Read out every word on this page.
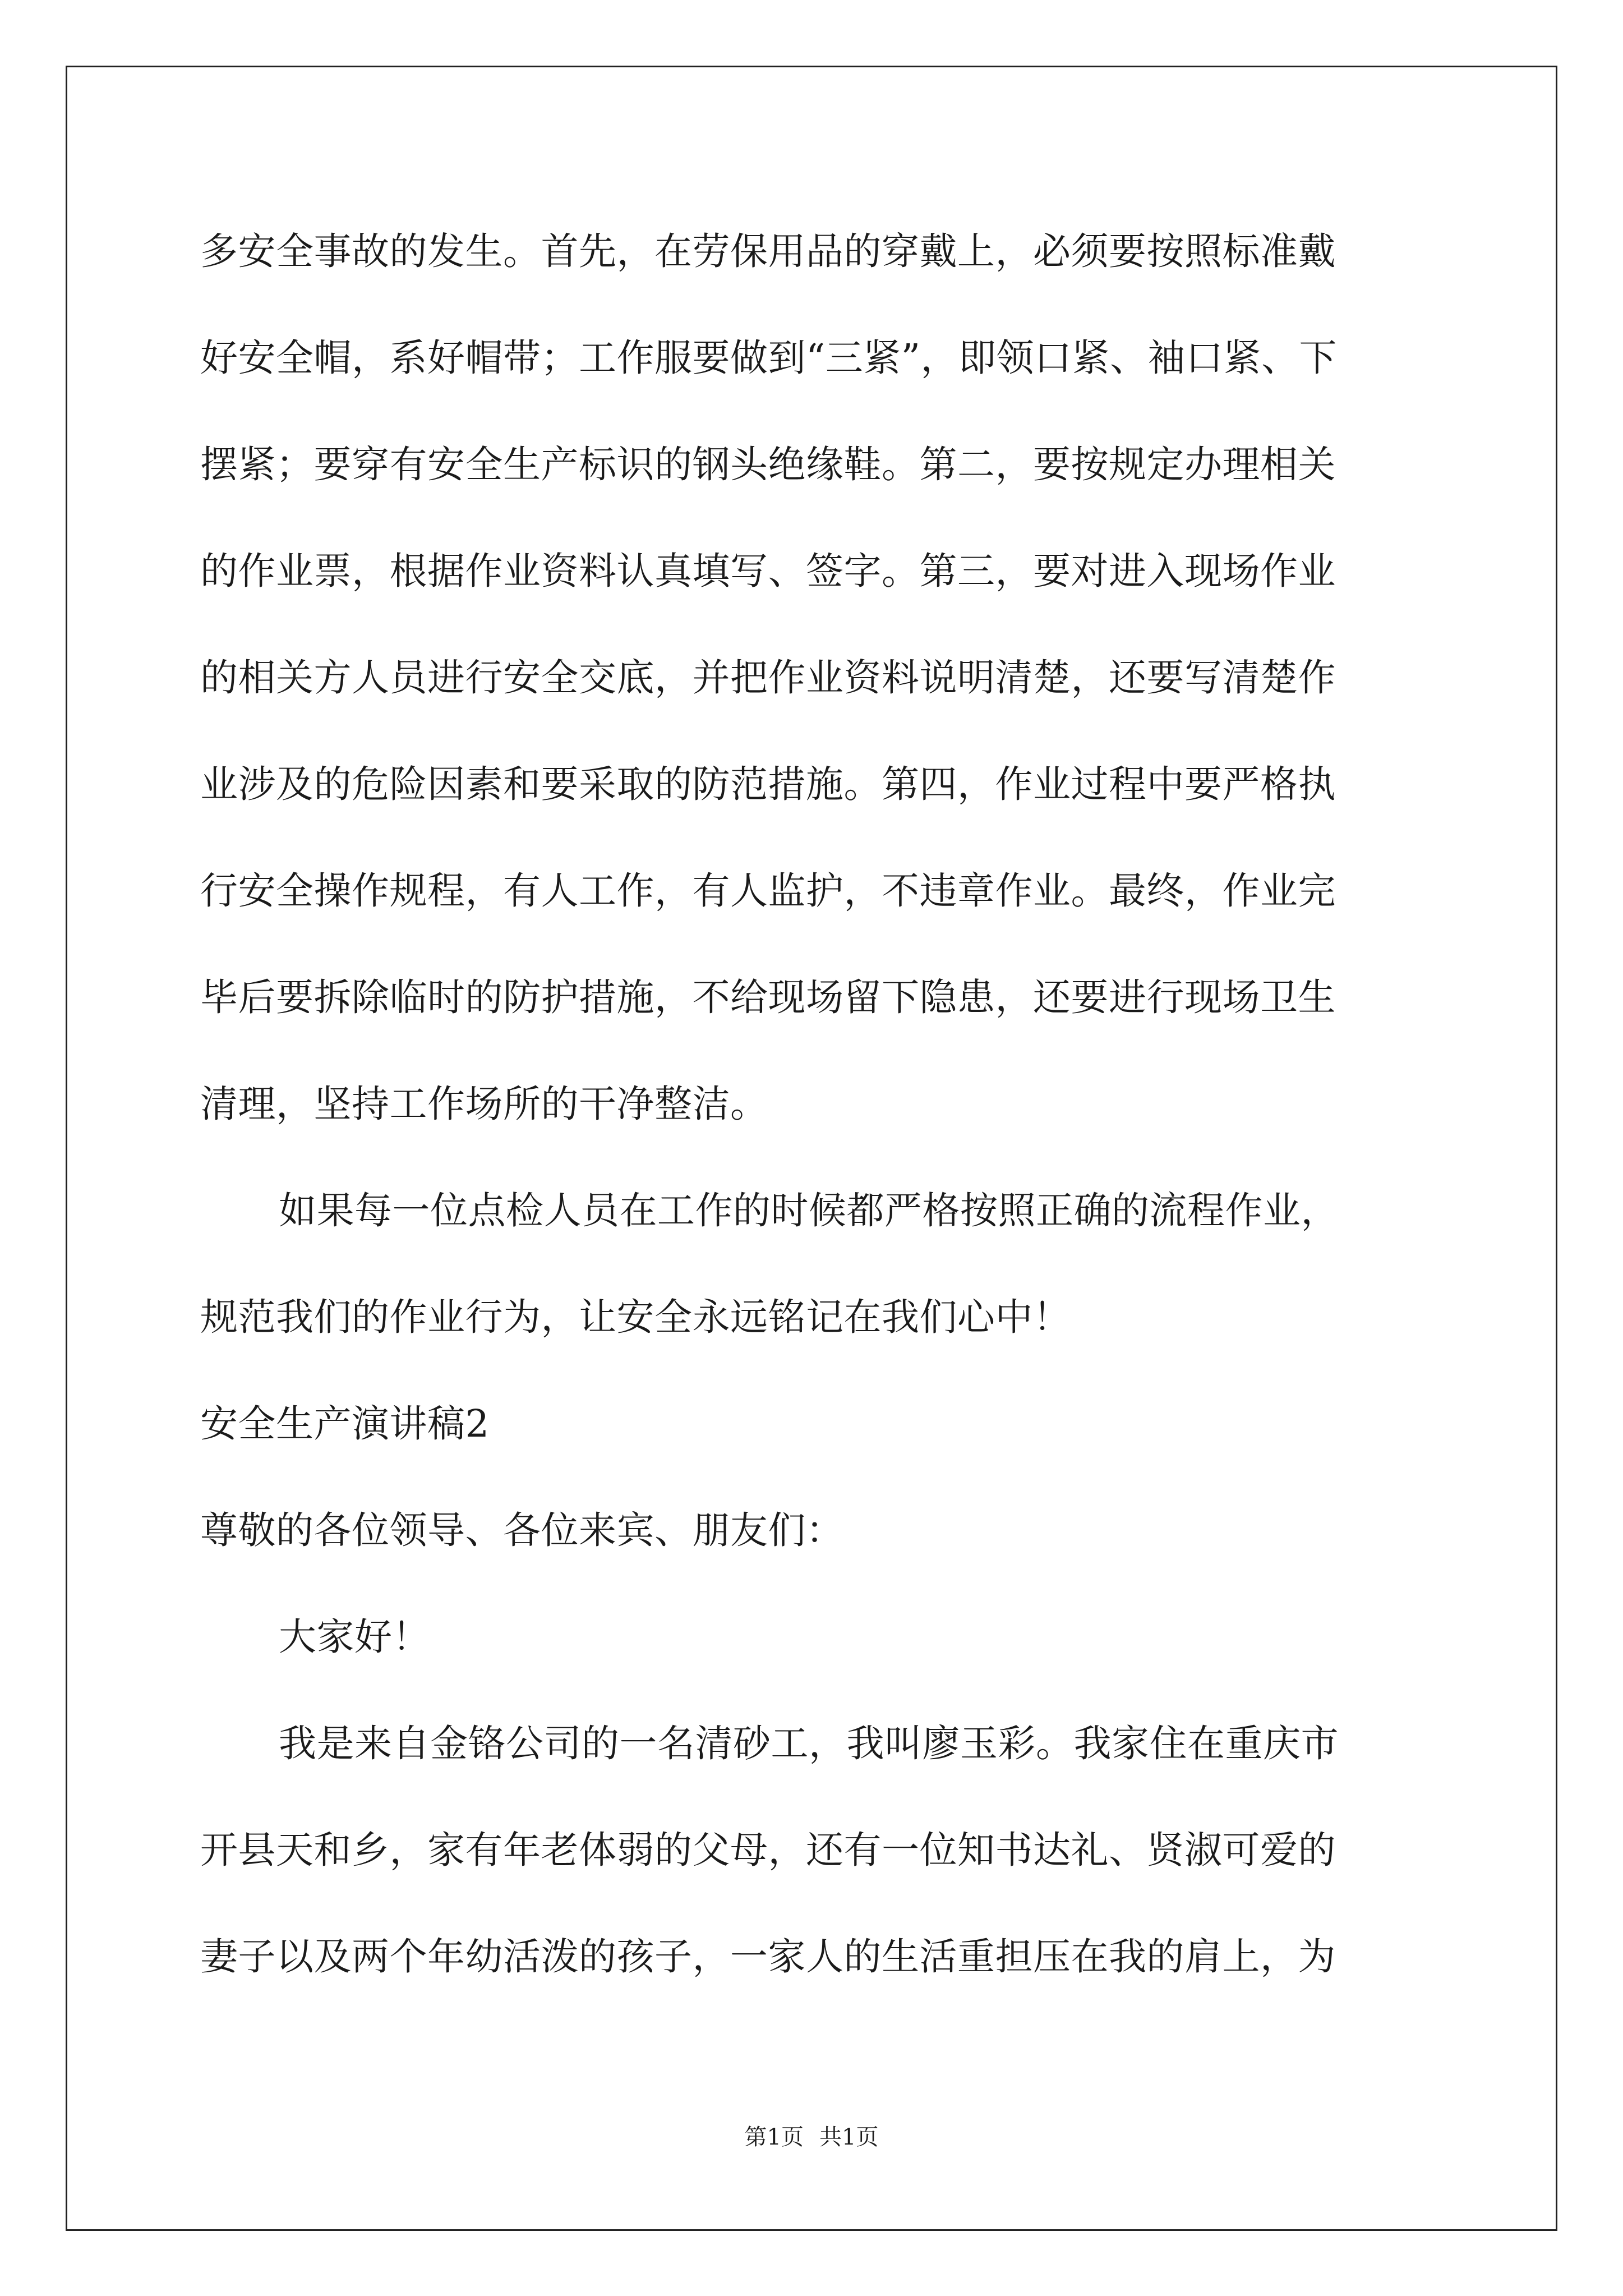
多安全事故的发生。首先，在劳保用品的穿戴上，必须要按照标准戴
好安全帽，系好帽带；工作服要做到“三紧”，即领口紧、袖口紧、下
摆紧；要穿有安全生产标识的钢头绝缘鞋。第二，要按规定办理相关
的作业票，根据作业资料认真填写、签字。第三，要对进入现场作业
的相关方人员进行安全交底，并把作业资料说明清楚，还要写清楚作
业涉及的危险因素和要采取的防范措施。第四，作业过程中要严格执
行安全操作规程，有人工作，有人监护，不违章作业。最终，作业完
毕后要拆除临时的防护措施，不给现场留下隐患，还要进行现场卫生
清理，坚持工作场所的干净整洁。
如果每一位点检人员在工作的时候都严格按照正确的流程作业，
规范我们的作业行为，让安全永远铭记在我们心中！
安全生产演讲稿2
尊敬的各位领导、各位来宾、朋友们：
大家好！
我是来自金铬公司的一名清砂工，我叫廖玉彩。我家住在重庆市
开县天和乡，家有年老体弱的父母，还有一位知书达礼、贤淑可爱的
妻子以及两个年幼活泼的孩子，一家人的生活重担压在我的肩上，为
第1页 共1页
